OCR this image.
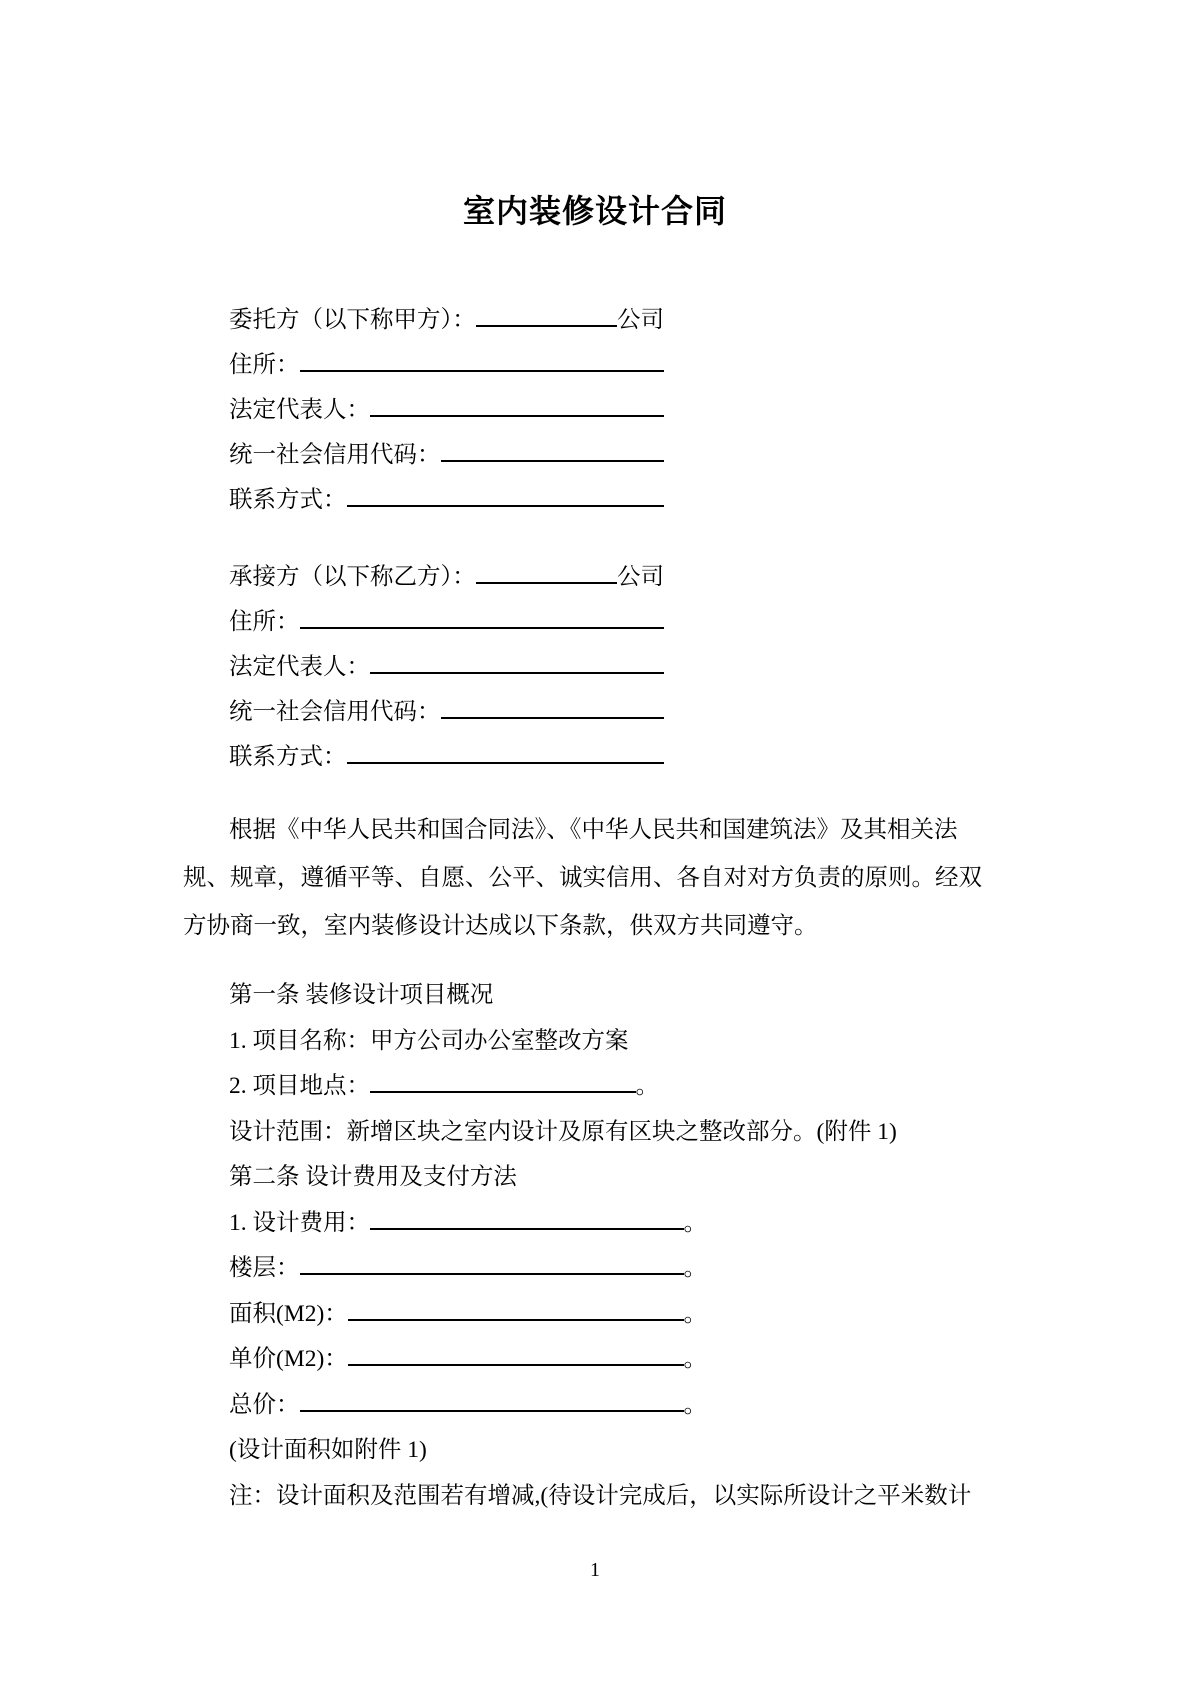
室内装修设计合同
委托方（以下称甲方）：	公司
住所：
法定代表人：
统一社会信用代码：
联系方式：
承接方（以下称乙方）：	公司
住所：
法定代表人：
统一社会信用代码：
联系方式：
根据《中华人民共和国合同法》、《中华人民共和国建筑法》及其相关法
规、规章，遵循平等、自愿、公平、诚实信用、各自对对方负责的原则。经双
方协商一致，室内装修设计达成以下条款，供双方共同遵守。
第一条 装修设计项目概况
1. 项目名称：甲方公司办公室整改方案
2. 项目地点：	。
设计范围：新增区块之室内设计及原有区块之整改部分。(附件 1)
第二条 设计费用及支付方法
1. 设计费用：	。
楼层：	。
面积(M2)：	。
单价(M2)：	。
总价：	。
(设计面积如附件 1)
注：设计面积及范围若有增减,(待设计完成后，以实际所设计之平米数计
1
